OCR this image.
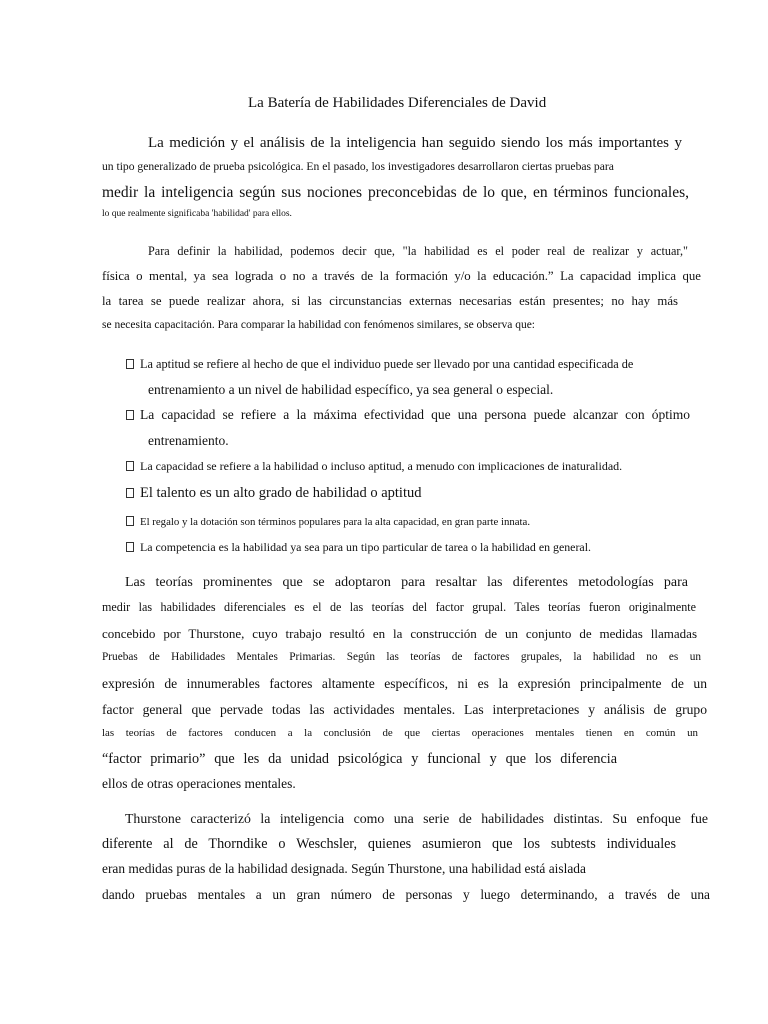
La Batería de Habilidades Diferenciales de David
La medición y el análisis de la inteligencia han seguido siendo los más importantes y
un tipo generalizado de prueba psicológica. En el pasado, los investigadores desarrollaron ciertas pruebas para
medir la inteligencia según sus nociones preconcebidas de lo que, en términos funcionales,
lo que realmente significaba 'habilidad' para ellos.
Para definir la habilidad, podemos decir que, "la habilidad es el poder real de realizar y actuar,"
física o mental, ya sea lograda o no a través de la formación y/o la educación.” La capacidad implica que
la tarea se puede realizar ahora, si las circunstancias externas necesarias están presentes; no hay más
se necesita capacitación. Para comparar la habilidad con fenómenos similares, se observa que:
La aptitud se refiere al hecho de que el individuo puede ser llevado por una cantidad especificada de
entrenamiento a un nivel de habilidad específico, ya sea general o especial.
La capacidad se refiere a la máxima efectividad que una persona puede alcanzar con óptimo
entrenamiento.
La capacidad se refiere a la habilidad o incluso aptitud, a menudo con implicaciones de inaturalidad.
El talento es un alto grado de habilidad o aptitud
El regalo y la dotación son términos populares para la alta capacidad, en gran parte innata.
La competencia es la habilidad ya sea para un tipo particular de tarea o la habilidad en general.
Las teorías prominentes que se adoptaron para resaltar las diferentes metodologías para
medir las habilidades diferenciales es el de las teorías del factor grupal. Tales teorías fueron originalmente
concebido por Thurstone, cuyo trabajo resultó en la construcción de un conjunto de medidas llamadas
Pruebas de Habilidades Mentales Primarias. Según las teorías de factores grupales, la habilidad no es un
expresión de innumerables factores altamente específicos, ni es la expresión principalmente de un
factor general que pervade todas las actividades mentales. Las interpretaciones y análisis de grupo
las teorías de factores conducen a la conclusión de que ciertas operaciones mentales tienen en común un
“factor primario” que les da unidad psicológica y funcional y que los diferencia
ellos de otras operaciones mentales.
Thurstone caracterizó la inteligencia como una serie de habilidades distintas. Su enfoque fue
diferente al de Thorndike o Weschsler, quienes asumieron que los subtests individuales
eran medidas puras de la habilidad designada. Según Thurstone, una habilidad está aislada
dando pruebas mentales a un gran número de personas y luego determinando, a través de una
